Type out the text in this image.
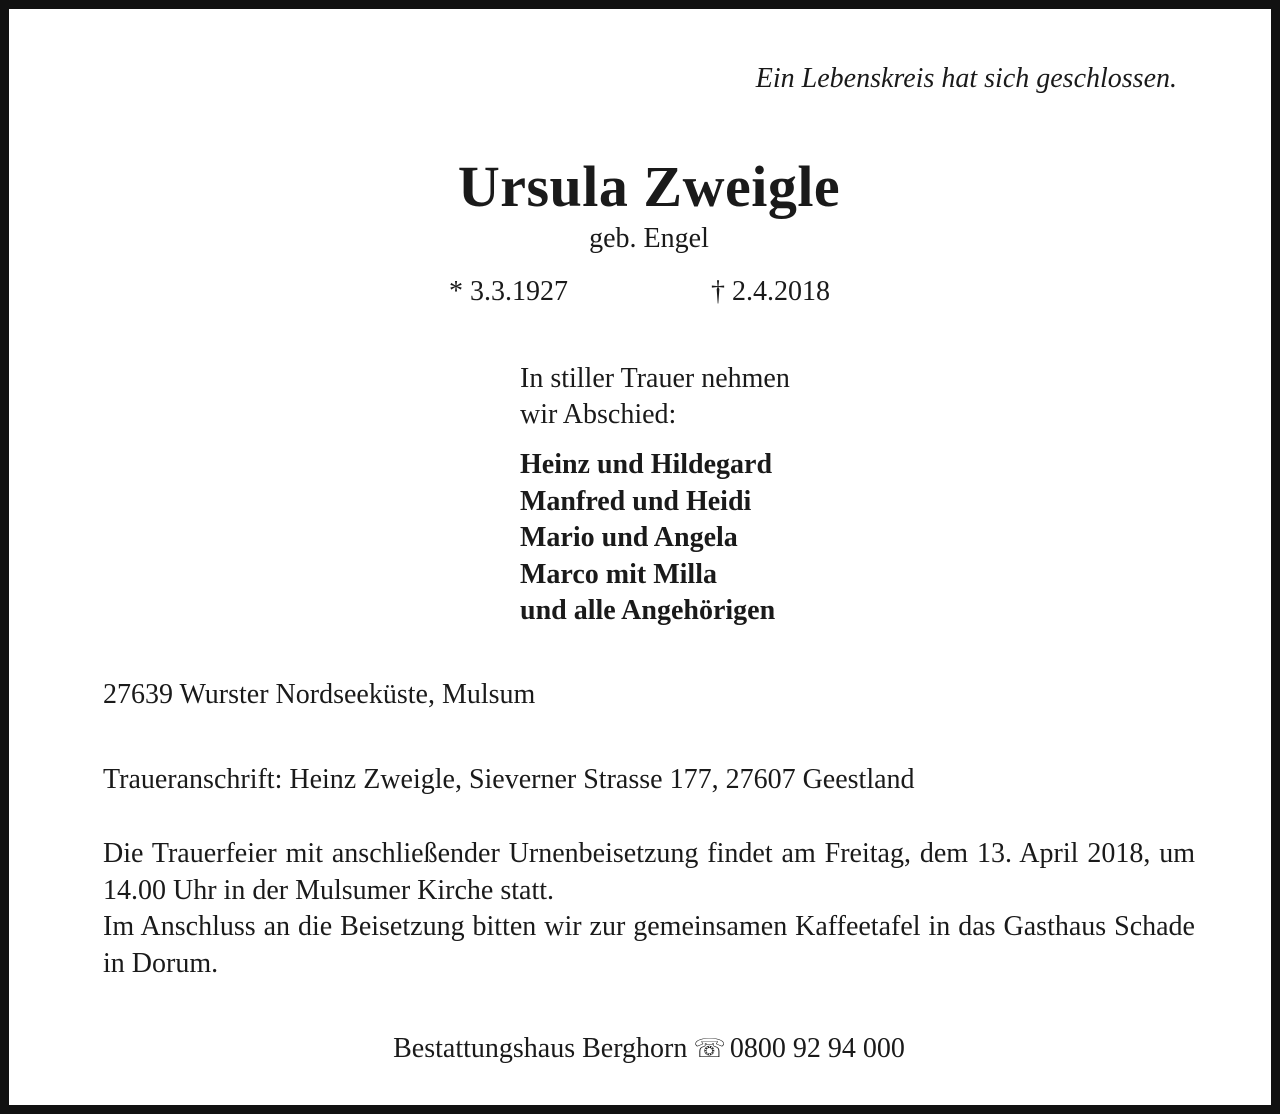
Ein Lebenskreis hat sich geschlossen.

Ursula Zweigle

geb. Engel

* 3.3.1927	† 2.4.2018

In stiller Trauer nehmen
wir Abschied:
Heinz und Hildegard
Manfred und Heidi
Mario und Angela
Marco mit Milla
und alle Angehörigen

27639 Wurster Nordseeküste, Mulsum

Traueranschrift: Heinz Zweigle, Sieverner Strasse 177, 27607 Geestland

Die Trauerfeier mit anschließender Urnenbeisetzung findet am Freitag, dem 13. April 2018, um 14.00 Uhr in der Mulsumer Kirche statt.

Im Anschluss an die Beisetzung bitten wir zur gemeinsamen Kaffeetafel in das Gasthaus Schade in Dorum.

Bestattungshaus Berghorn ☏ 0800 92 94 000
